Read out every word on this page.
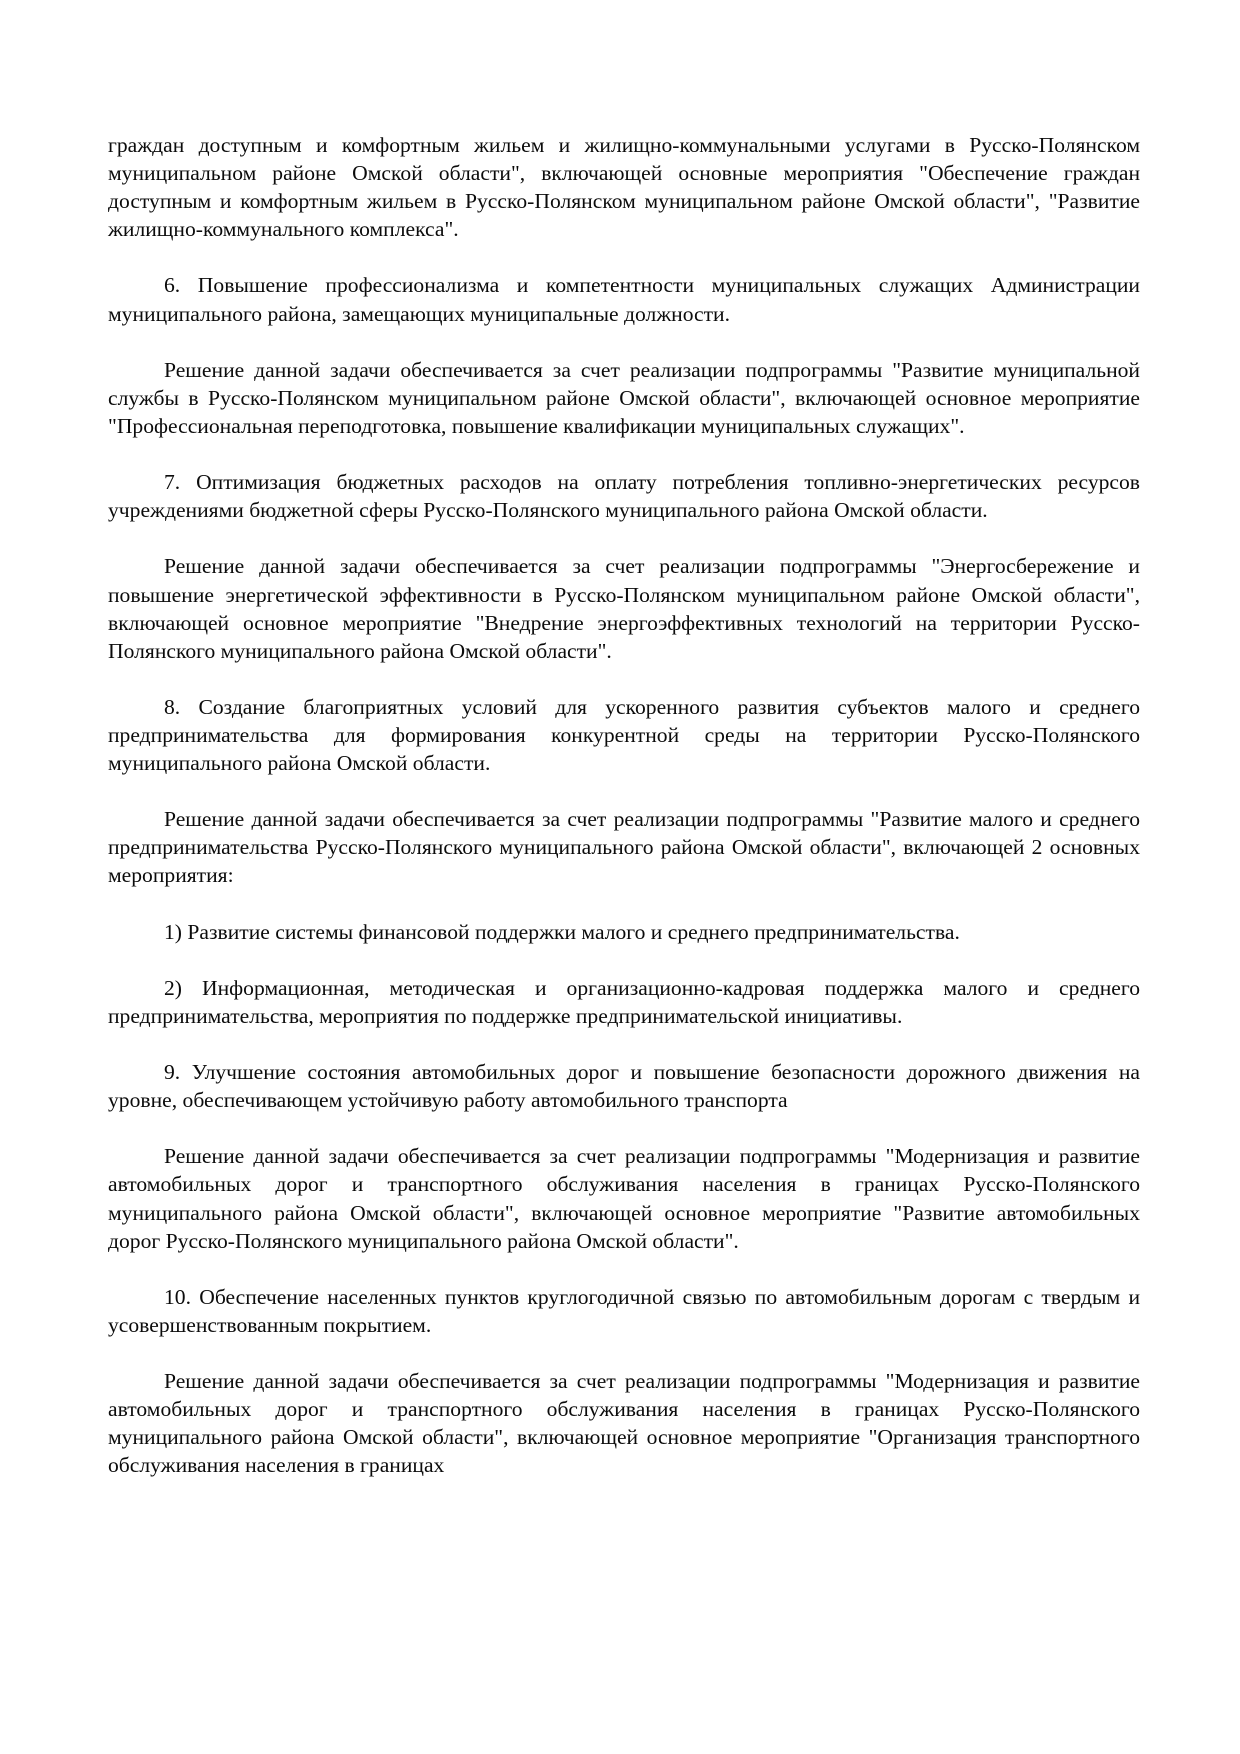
граждан доступным и комфортным жильем и жилищно-коммунальными услугами в Русско-Полянском муниципальном районе Омской области", включающей основные мероприятия "Обеспечение граждан доступным и комфортным жильем в Русско-Полянском муниципальном районе Омской области", "Развитие жилищно-коммунального комплекса".

6. Повышение профессионализма и компетентности муниципальных служащих Администрации муниципального района, замещающих муниципальные должности.

Решение данной задачи обеспечивается за счет реализации подпрограммы "Развитие муниципальной службы в Русско-Полянском муниципальном районе Омской области", включающей основное мероприятие "Профессиональная переподготовка, повышение квалификации муниципальных служащих".

7. Оптимизация бюджетных расходов на оплату потребления топливно-энергетических ресурсов учреждениями бюджетной сферы Русско-Полянского муниципального района Омской области.

Решение данной задачи обеспечивается за счет реализации подпрограммы "Энергосбережение и повышение энергетической эффективности в Русско-Полянском муниципальном районе Омской области", включающей основное мероприятие "Внедрение энергоэффективных технологий на территории Русско-Полянского муниципального района Омской области".

8. Создание благоприятных условий для ускоренного развития субъектов малого и среднего предпринимательства для формирования конкурентной среды на территории Русско-Полянского муниципального района Омской области.

Решение данной задачи обеспечивается за счет реализации подпрограммы "Развитие малого и среднего предпринимательства Русско-Полянского муниципального района Омской области", включающей 2 основных мероприятия:

1) Развитие системы финансовой поддержки малого и среднего предпринимательства.

2) Информационная, методическая и организационно-кадровая поддержка малого и среднего предпринимательства, мероприятия по поддержке предпринимательской инициативы.

9. Улучшение состояния автомобильных дорог и повышение безопасности дорожного движения на уровне, обеспечивающем устойчивую работу автомобильного транспорта

Решение данной задачи обеспечивается за счет реализации подпрограммы "Модернизация и развитие автомобильных дорог и транспортного обслуживания населения в границах Русско-Полянского муниципального района Омской области", включающей основное мероприятие "Развитие автомобильных дорог Русско-Полянского муниципального района Омской области".

10. Обеспечение населенных пунктов круглогодичной связью по автомобильным дорогам с твердым и усовершенствованным покрытием.

Решение данной задачи обеспечивается за счет реализации подпрограммы "Модернизация и развитие автомобильных дорог и транспортного обслуживания населения в границах Русско-Полянского муниципального района Омской области", включающей основное мероприятие "Организация транспортного обслуживания населения в границах
